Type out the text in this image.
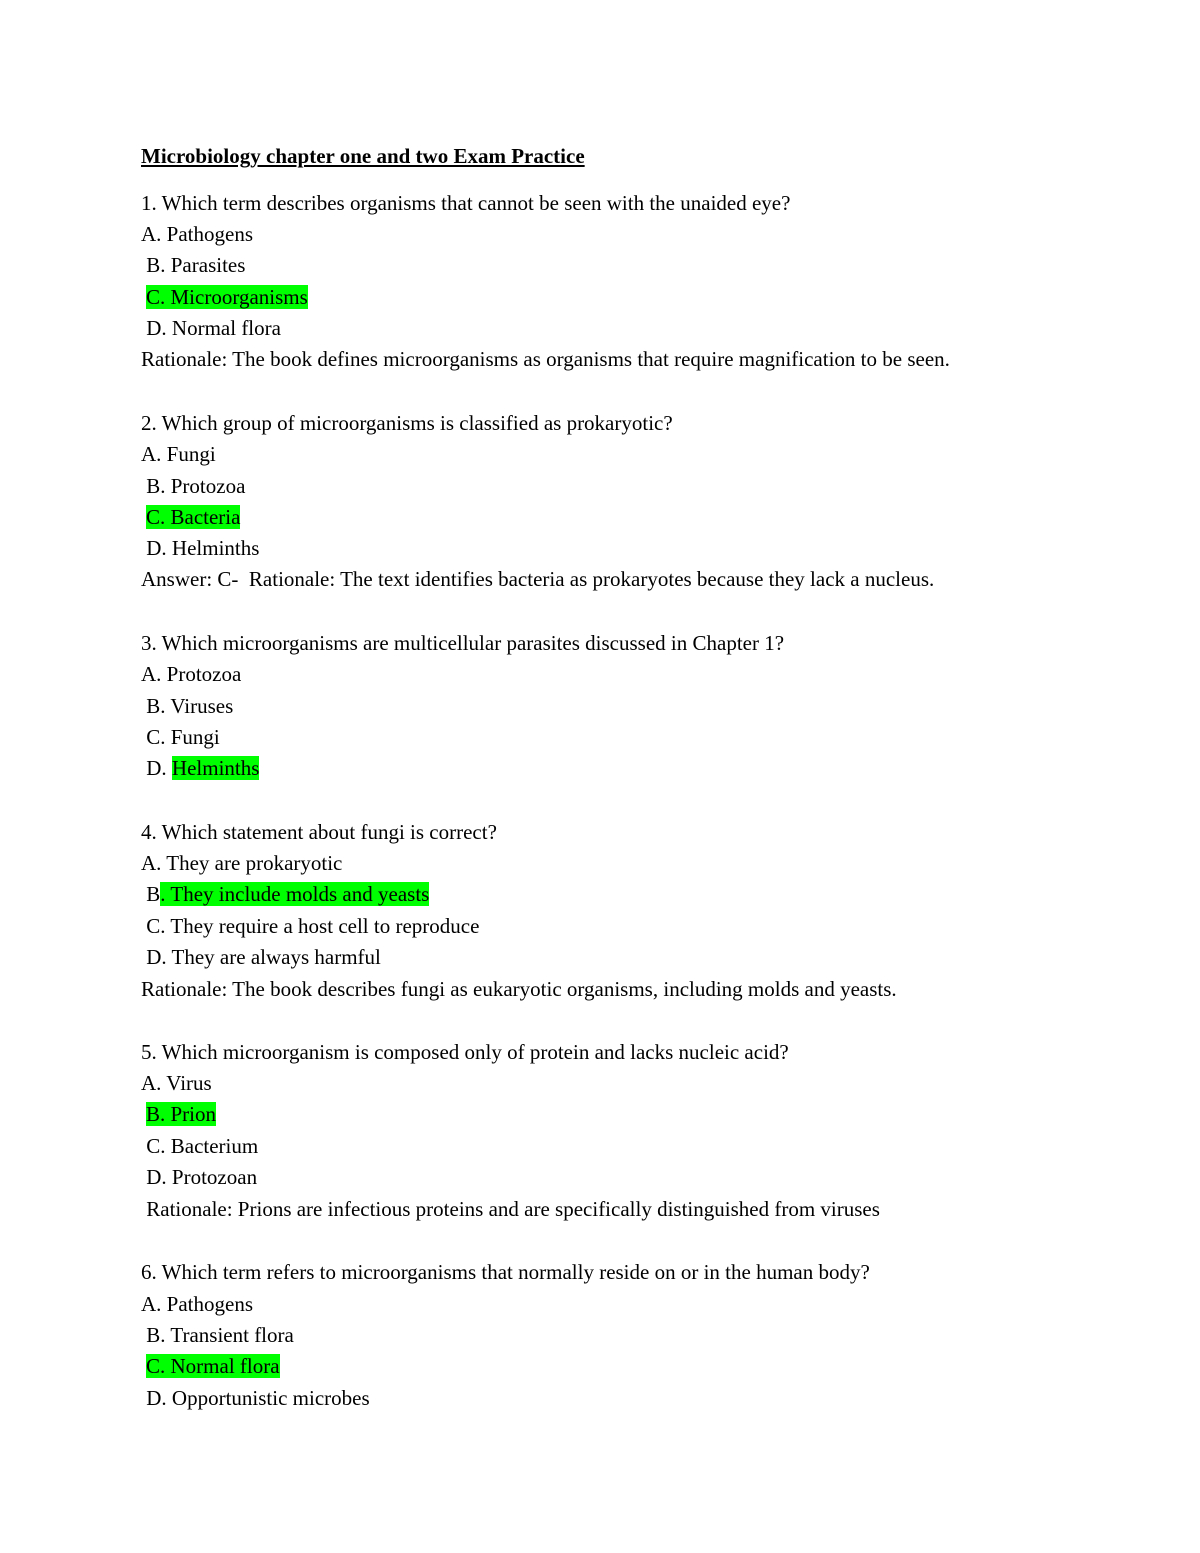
Microbiology chapter one and two Exam Practice
1. Which term describes organisms that cannot be seen with the unaided eye?
A. Pathogens
B. Parasites
C. Microorganisms
D. Normal flora
Rationale: The book defines microorganisms as organisms that require magnification to be seen.
2. Which group of microorganisms is classified as prokaryotic?
A. Fungi
B. Protozoa
C. Bacteria
D. Helminths
Answer: C-  Rationale: The text identifies bacteria as prokaryotes because they lack a nucleus.
3. Which microorganisms are multicellular parasites discussed in Chapter 1?
A. Protozoa
B. Viruses
C. Fungi
D. Helminths
4. Which statement about fungi is correct?
A. They are prokaryotic
B. They include molds and yeasts
C. They require a host cell to reproduce
D. They are always harmful
Rationale: The book describes fungi as eukaryotic organisms, including molds and yeasts.
5. Which microorganism is composed only of protein and lacks nucleic acid?
A. Virus
B. Prion
C. Bacterium
D. Protozoan
Rationale: Prions are infectious proteins and are specifically distinguished from viruses
6. Which term refers to microorganisms that normally reside on or in the human body?
A. Pathogens
B. Transient flora
C. Normal flora
D. Opportunistic microbes
